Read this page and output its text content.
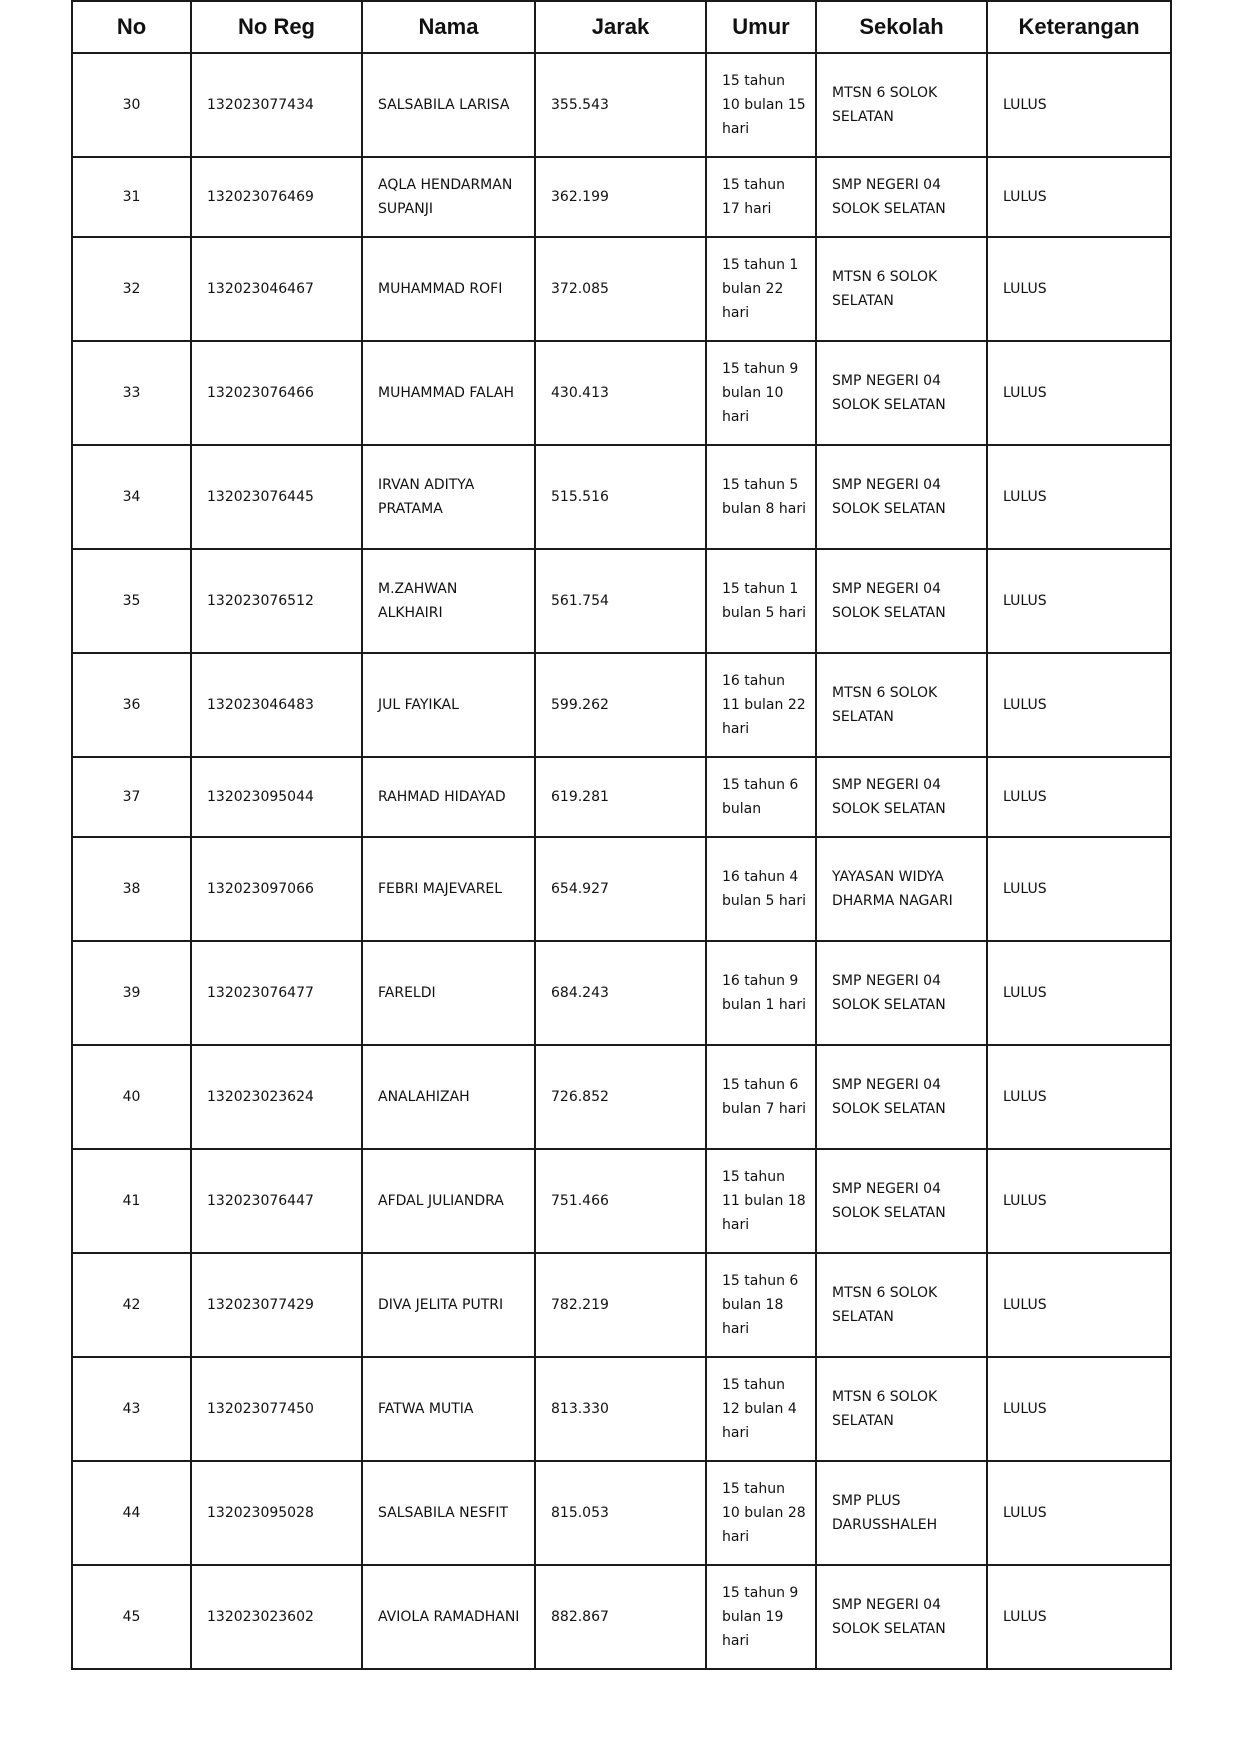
No	No Reg	Nama	Jarak	Umur	Sekolah	Keterangan
30	132023077434	SALSABILA LARISA	355.543	15 tahun 10 bulan 15 hari	MTSN 6 SOLOK SELATAN	LULUS
31	132023076469	AQLA HENDARMAN SUPANJI	362.199	15 tahun 17 hari	SMP NEGERI 04 SOLOK SELATAN	LULUS
32	132023046467	MUHAMMAD ROFI	372.085	15 tahun 1 bulan 22 hari	MTSN 6 SOLOK SELATAN	LULUS
33	132023076466	MUHAMMAD FALAH	430.413	15 tahun 9 bulan 10 hari	SMP NEGERI 04 SOLOK SELATAN	LULUS
34	132023076445	IRVAN ADITYA PRATAMA	515.516	15 tahun 5 bulan 8 hari	SMP NEGERI 04 SOLOK SELATAN	LULUS
35	132023076512	M.ZAHWAN ALKHAIRI	561.754	15 tahun 1 bulan 5 hari	SMP NEGERI 04 SOLOK SELATAN	LULUS
36	132023046483	JUL FAYIKAL	599.262	16 tahun 11 bulan 22 hari	MTSN 6 SOLOK SELATAN	LULUS
37	132023095044	RAHMAD HIDAYAD	619.281	15 tahun 6 bulan	SMP NEGERI 04 SOLOK SELATAN	LULUS
38	132023097066	FEBRI MAJEVAREL	654.927	16 tahun 4 bulan 5 hari	YAYASAN WIDYA DHARMA NAGARI	LULUS
39	132023076477	FARELDI	684.243	16 tahun 9 bulan 1 hari	SMP NEGERI 04 SOLOK SELATAN	LULUS
40	132023023624	ANALAHIZAH	726.852	15 tahun 6 bulan 7 hari	SMP NEGERI 04 SOLOK SELATAN	LULUS
41	132023076447	AFDAL JULIANDRA	751.466	15 tahun 11 bulan 18 hari	SMP NEGERI 04 SOLOK SELATAN	LULUS
42	132023077429	DIVA JELITA PUTRI	782.219	15 tahun 6 bulan 18 hari	MTSN 6 SOLOK SELATAN	LULUS
43	132023077450	FATWA MUTIA	813.330	15 tahun 12 bulan 4 hari	MTSN 6 SOLOK SELATAN	LULUS
44	132023095028	SALSABILA NESFIT	815.053	15 tahun 10 bulan 28 hari	SMP PLUS DARUSSHALEH	LULUS
45	132023023602	AVIOLA RAMADHANI	882.867	15 tahun 9 bulan 19 hari	SMP NEGERI 04 SOLOK SELATAN	LULUS
